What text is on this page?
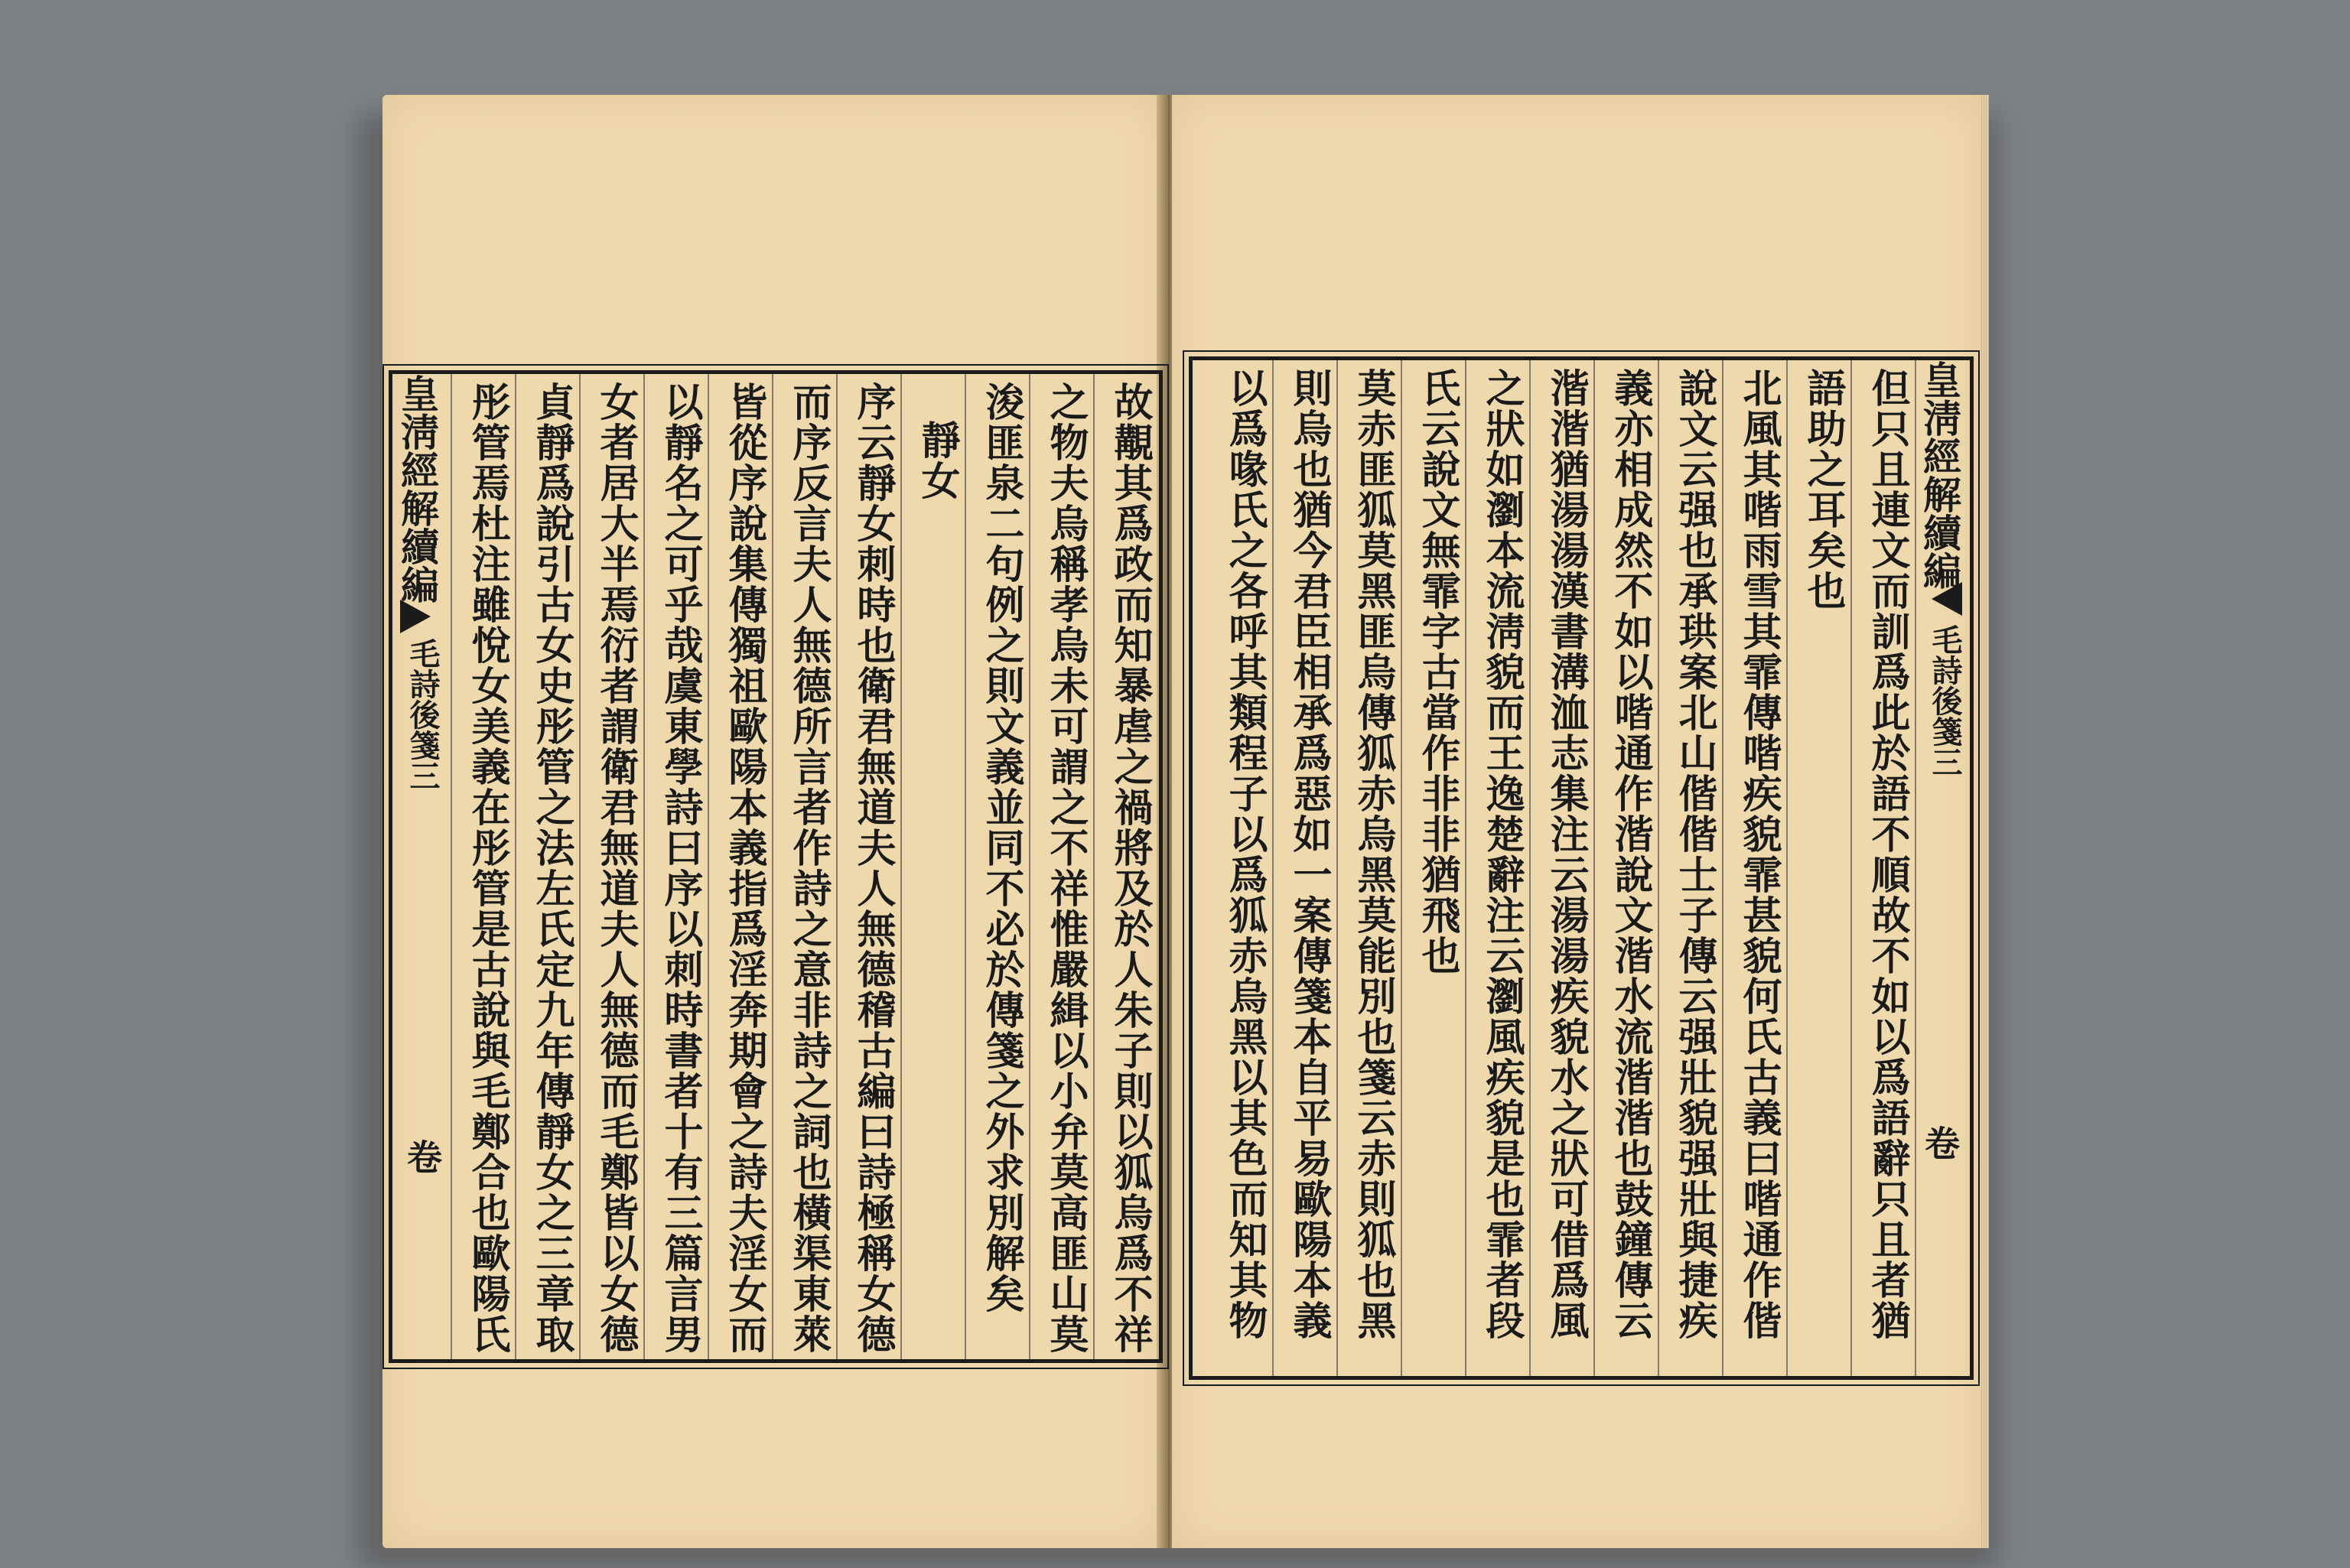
故覯其爲政而知暴虐之禍將及於人朱子則以狐烏爲不祥
之物夫烏稱孝烏未可謂之不祥惟嚴緝以小弁莫高匪山莫
浚匪泉二句例之則文義並同不必於傳箋之外求別解矣
靜女
序云靜女刺時也衛君無道夫人無德稽古編曰詩極稱女德
而序反言夫人無德所言者作詩之意非詩之詞也橫渠東萊
皆從序說集傳獨祖歐陽本義指爲淫奔期會之詩夫淫女而
以靜名之可乎哉虞東學詩曰序以刺時書者十有三篇言男
女者居大半焉衍者謂衛君無道夫人無德而毛鄭皆以女德
貞靜爲說引古女史彤管之法左氏定九年傳靜女之三章取
彤管焉杜注雖悅女美義在彤管是古說與毛鄭合也歐陽氏
皇淸經解續編
毛詩後箋三
卷
皇淸經解續編
毛詩後箋三
卷
但只且連文而訓爲此於語不順故不如以爲語辭只且者猶
語助之耳矣也
北風其喈雨雪其霏傳喈疾貌霏甚貌何氏古義曰喈通作偕
說文云强也承珙案北山偕偕士子傳云强壯貌强壯與捷疾
義亦相成然不如以喈通作湝說文湝水流湝湝也鼓鐘傳云
湝湝猶湯湯漢書溝洫志集注云湯湯疾貌水之狀可借爲風
之狀如瀏本流淸貌而王逸楚辭注云瀏風疾貌是也霏者段
氏云說文無霏字古當作非非猶飛也
莫赤匪狐莫黑匪烏傳狐赤烏黑莫能別也箋云赤則狐也黑
則烏也猶今君臣相承爲惡如一案傳箋本自平易歐陽本義
以爲喙氏之各呼其類程子以爲狐赤烏黑以其色而知其物
